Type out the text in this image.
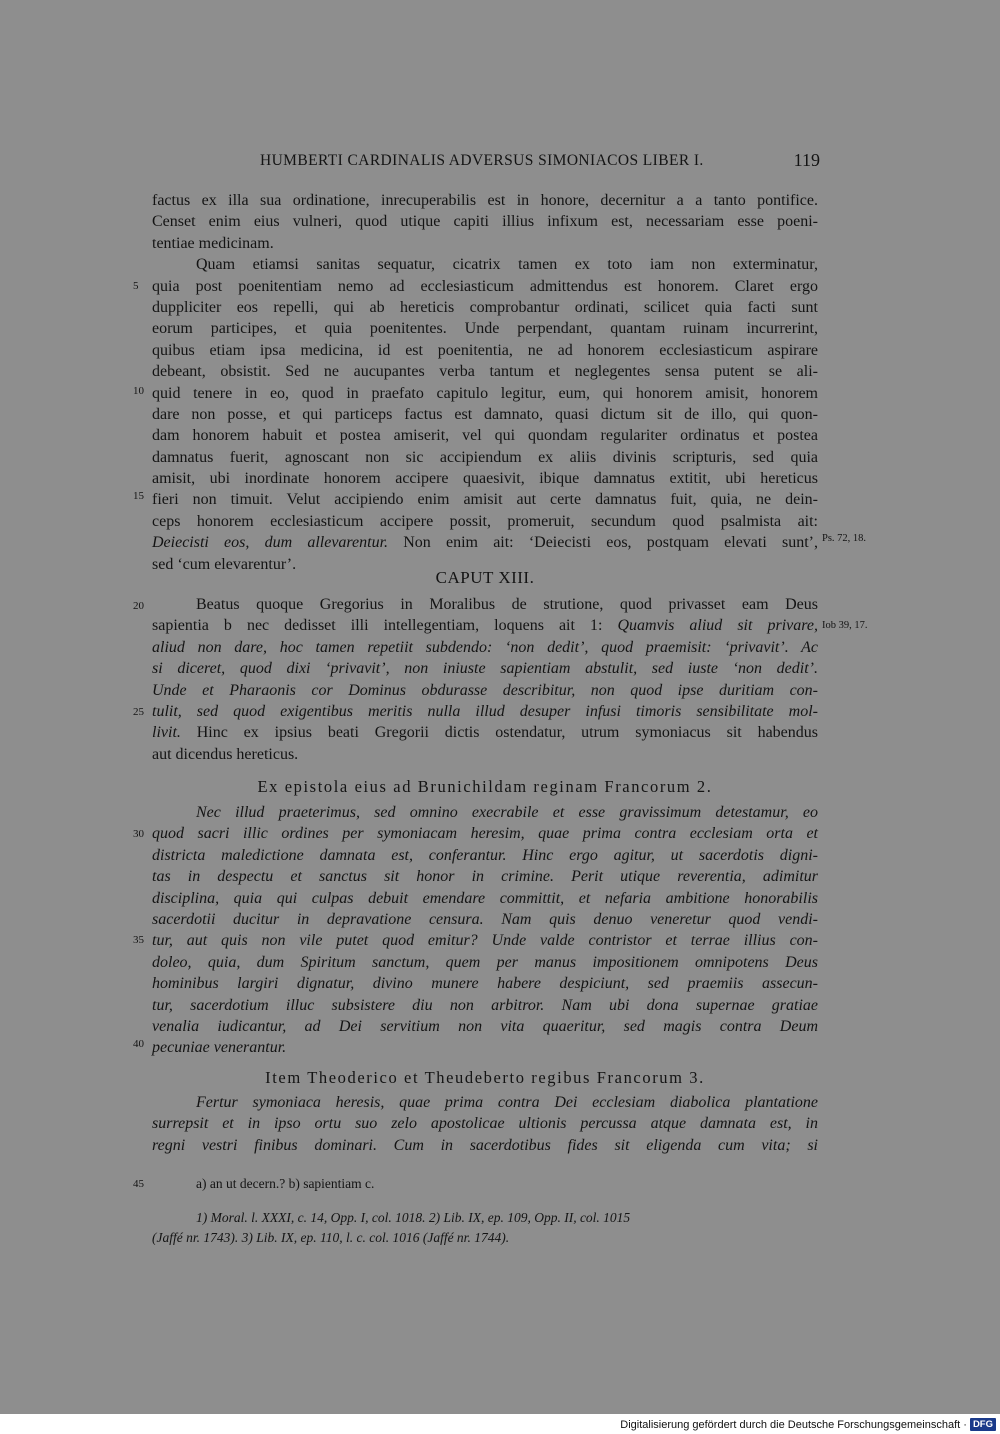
HUMBERTI CARDINALIS ADVERSUS SIMONIACOS LIBER I.	119
factus ex illa sua ordinatione, inrecuperabilis est in honore, decernitur a a tanto pontifice.
Censet enim eius vulneri, quod utique capiti illius infixum est, necessariam esse poeni-
tentiae medicinam.
Quam etiamsi sanitas sequatur, cicatrix tamen ex toto iam non exterminatur,
quia post poenitentiam nemo ad ecclesiasticum admittendus est honorem. Claret ergo
duppliciter eos repelli, qui ab hereticis comprobantur ordinati, scilicet quia facti sunt
eorum participes, et quia poenitentes. Unde perpendant, quantam ruinam incurrerint,
quibus etiam ipsa medicina, id est poenitentia, ne ad honorem ecclesiasticum aspirare
debeant, obsistit. Sed ne aucupantes verba tantum et neglegentes sensa putent se ali-
quid tenere in eo, quod in praefato capitulo legitur, eum, qui honorem amisit, honorem
dare non posse, et qui particeps factus est damnato, quasi dictum sit de illo, qui quon-
dam honorem habuit et postea amiserit, vel qui quondam regulariter ordinatus et postea
damnatus fuerit, agnoscant non sic accipiendum ex aliis divinis scripturis, sed quia
amisit, ubi inordinate honorem accipere quaesivit, ibique damnatus extitit, ubi hereticus
fieri non timuit. Velut accipiendo enim amisit aut certe damnatus fuit, quia, ne dein-
ceps honorem ecclesiasticum accipere possit, promeruit, secundum quod psalmista ait:
Deiecisti eos, dum allevarentur. Non enim ait: ‘Deiecisti eos, postquam elevati sunt’,
sed ‘cum elevarentur’.
CAPUT XIII.
Beatus quoque Gregorius in Moralibus de strutione, quod privasset eam Deus
sapientia b nec dedisset illi intellegentiam, loquens ait 1: Quamvis aliud sit privare,
aliud non dare, hoc tamen repetiit subdendo: ‘non dedit’, quod praemisit: ‘privavit’. Ac
si diceret, quod dixi ‘privavit’, non iniuste sapientiam abstulit, sed iuste ‘non dedit’.
Unde et Pharaonis cor Dominus obdurasse describitur, non quod ipse duritiam con-
tulit, sed quod exigentibus meritis nulla illud desuper infusi timoris sensibilitate mol-
livit. Hinc ex ipsius beati Gregorii dictis ostendatur, utrum symoniacus sit habendus
aut dicendus hereticus.
Ex epistola eius ad Brunichildam reginam Francorum 2.
Nec illud praeterimus, sed omnino execrabile et esse gravissimum detestamur, eo
quod sacri illic ordines per symoniacam heresim, quae prima contra ecclesiam orta et
districta maledictione damnata est, conferantur. Hinc ergo agitur, ut sacerdotis digni-
tas in despectu et sanctus sit honor in crimine. Perit utique reverentia, adimitur
disciplina, quia qui culpas debuit emendare committit, et nefaria ambitione honorabilis
sacerdotii ducitur in depravatione censura. Nam quis denuo veneretur quod vendi-
tur, aut quis non vile putet quod emitur? Unde valde contristor et terrae illius con-
doleo, quia, dum Spiritum sanctum, quem per manus impositionem omnipotens Deus
hominibus largiri dignatur, divino munere habere despiciunt, sed praemiis assecun-
tur, sacerdotium illuc subsistere diu non arbitror. Nam ubi dona supernae gratiae
venalia iudicantur, ad Dei servitium non vita quaeritur, sed magis contra Deum
pecuniae venerantur.
Item Theoderico et Theudeberto regibus Francorum 3.
Fertur symoniaca heresis, quae prima contra Dei ecclesiam diabolica plantatione
surrepsit et in ipso ortu suo zelo apostolicae ultionis percussa atque damnata est, in
regni vestri finibus dominari. Cum in sacerdotibus fides sit eligenda cum vita; si
5
10
15
20
25
30
35
40
45
Ps. 72, 18.
Iob 39, 17.
a) an ut decern.? b) sapientiam c.
1) Moral. l. XXXI, c. 14, Opp. I, col. 1018. 2) Lib. IX, ep. 109, Opp. II, col. 1015
(Jaffé nr. 1743). 3) Lib. IX, ep. 110, l. c. col. 1016 (Jaffé nr. 1744).
Digitalisierung gefördert durch die Deutsche Forschungsgemeinschaft · DFG
